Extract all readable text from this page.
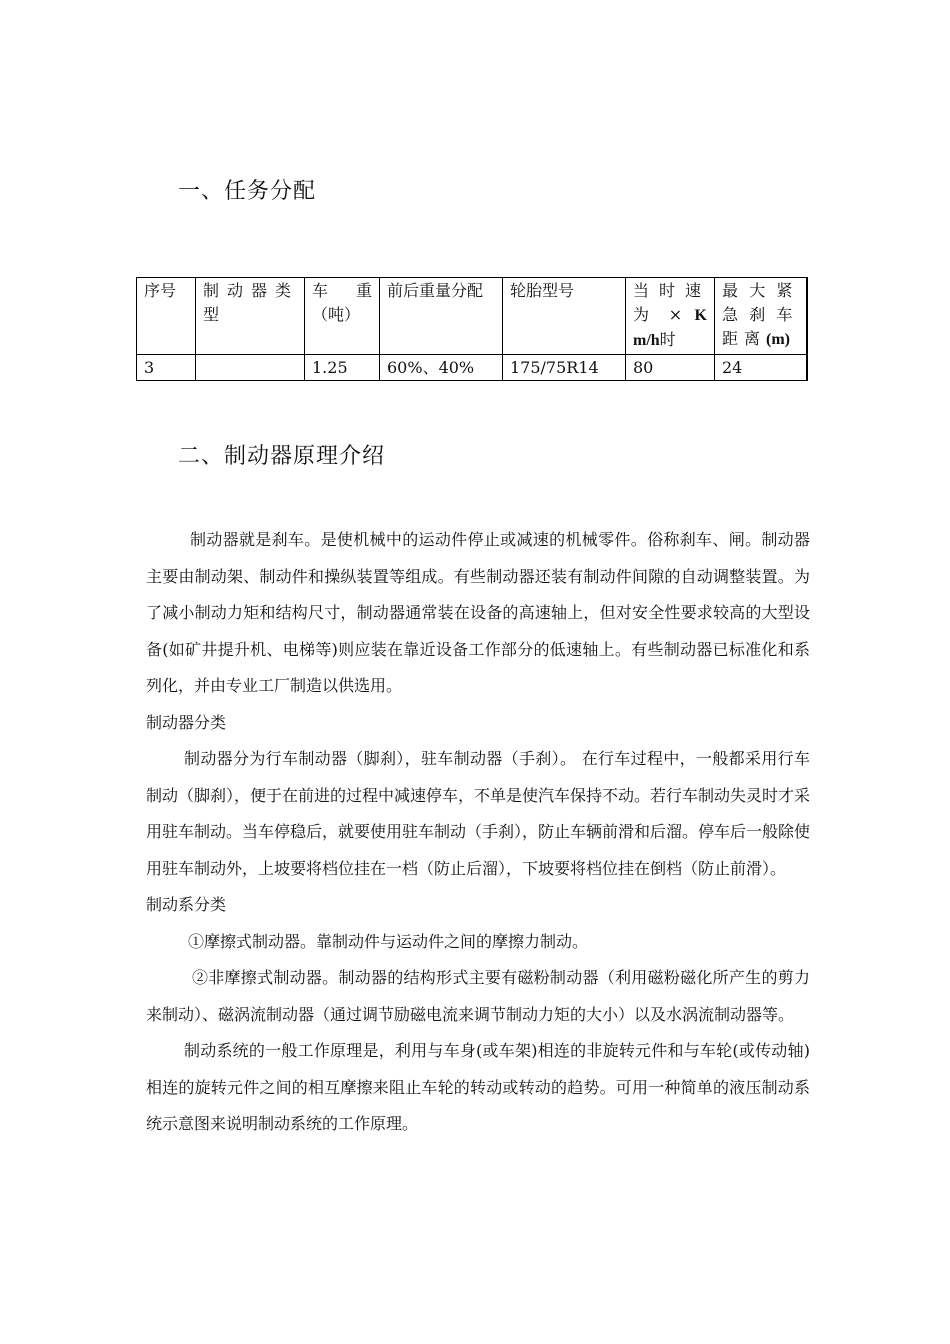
一、任务分配
序号	制动器类型	车 重（吨）	前后重量分配	轮胎型号	当时速为 × Km/h时	最大紧急刹车距离(m)
3		1.25	60%、40%	175/75R14	80	24
二、制动器原理介绍

制动器就是刹车。是使机械中的运动件停止或减速的机械零件。俗称刹车、闸。制动器主要由制动架、制动件和操纵装置等组成。有些制动器还装有制动件间隙的自动调整装置。为了减小制动力矩和结构尺寸，制动器通常装在设备的高速轴上，但对安全性要求较高的大型设备(如矿井提升机、电梯等)则应装在靠近设备工作部分的低速轴上。有些制动器已标准化和系列化，并由专业工厂制造以供选用。

制动器分类

制动器分为行车制动器（脚刹），驻车制动器（手刹）。 在行车过程中，一般都采用行车制动（脚刹），便于在前进的过程中减速停车，不单是使汽车保持不动。若行车制动失灵时才采用驻车制动。当车停稳后，就要使用驻车制动（手刹），防止车辆前滑和后溜。停车后一般除使用驻车制动外，上坡要将档位挂在一档（防止后溜），下坡要将档位挂在倒档（防止前滑）。

制动系分类

①摩擦式制动器。靠制动件与运动件之间的摩擦力制动。

②非摩擦式制动器。制动器的结构形式主要有磁粉制动器（利用磁粉磁化所产生的剪力来制动）、磁涡流制动器（通过调节励磁电流来调节制动力矩的大小）以及水涡流制动器等。

制动系统的一般工作原理是，利用与车身(或车架)相连的非旋转元件和与车轮(或传动轴)相连的旋转元件之间的相互摩擦来阻止车轮的转动或转动的趋势。可用一种简单的液压制动系统示意图来说明制动系统的工作原理。
